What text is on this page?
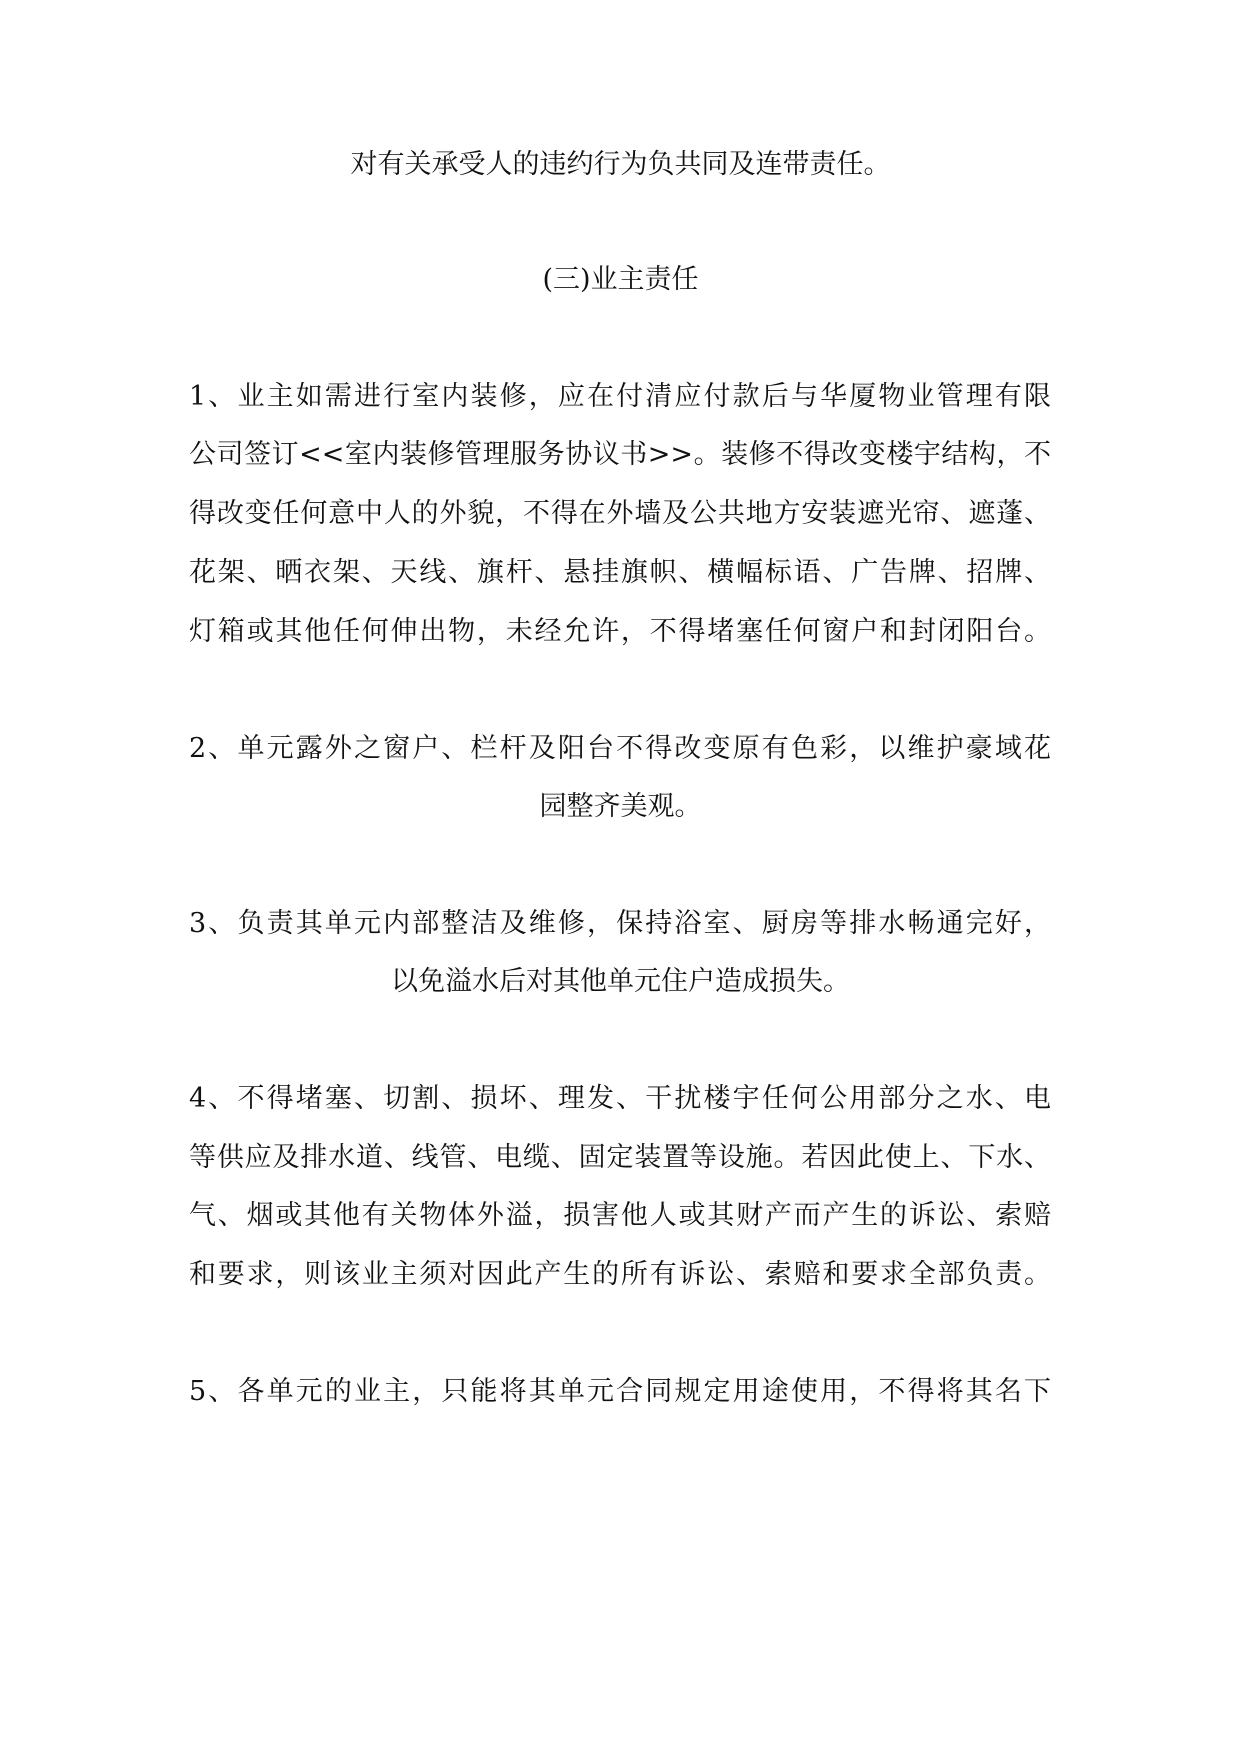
对有关承受人的违约行为负共同及连带责任。
(三)业主责任
1、业主如需进行室内装修，应在付清应付款后与华厦物业管理有限
公司签订<<室内装修管理服务协议书>>。装修不得改变楼宇结构，不
得改变任何意中人的外貌，不得在外墙及公共地方安装遮光帘、遮蓬、
花架、晒衣架、天线、旗杆、悬挂旗帜、横幅标语、广告牌、招牌、
灯箱或其他任何伸出物，未经允许，不得堵塞任何窗户和封闭阳台。
2、单元露外之窗户、栏杆及阳台不得改变原有色彩，以维护豪域花
园整齐美观。
3、负责其单元内部整洁及维修，保持浴室、厨房等排水畅通完好，
以免溢水后对其他单元住户造成损失。
4、不得堵塞、切割、损坏、理发、干扰楼宇任何公用部分之水、电
等供应及排水道、线管、电缆、固定装置等设施。若因此使上、下水、
气、烟或其他有关物体外溢，损害他人或其财产而产生的诉讼、索赔
和要求，则该业主须对因此产生的所有诉讼、索赔和要求全部负责。
5、各单元的业主，只能将其单元合同规定用途使用，不得将其名下
